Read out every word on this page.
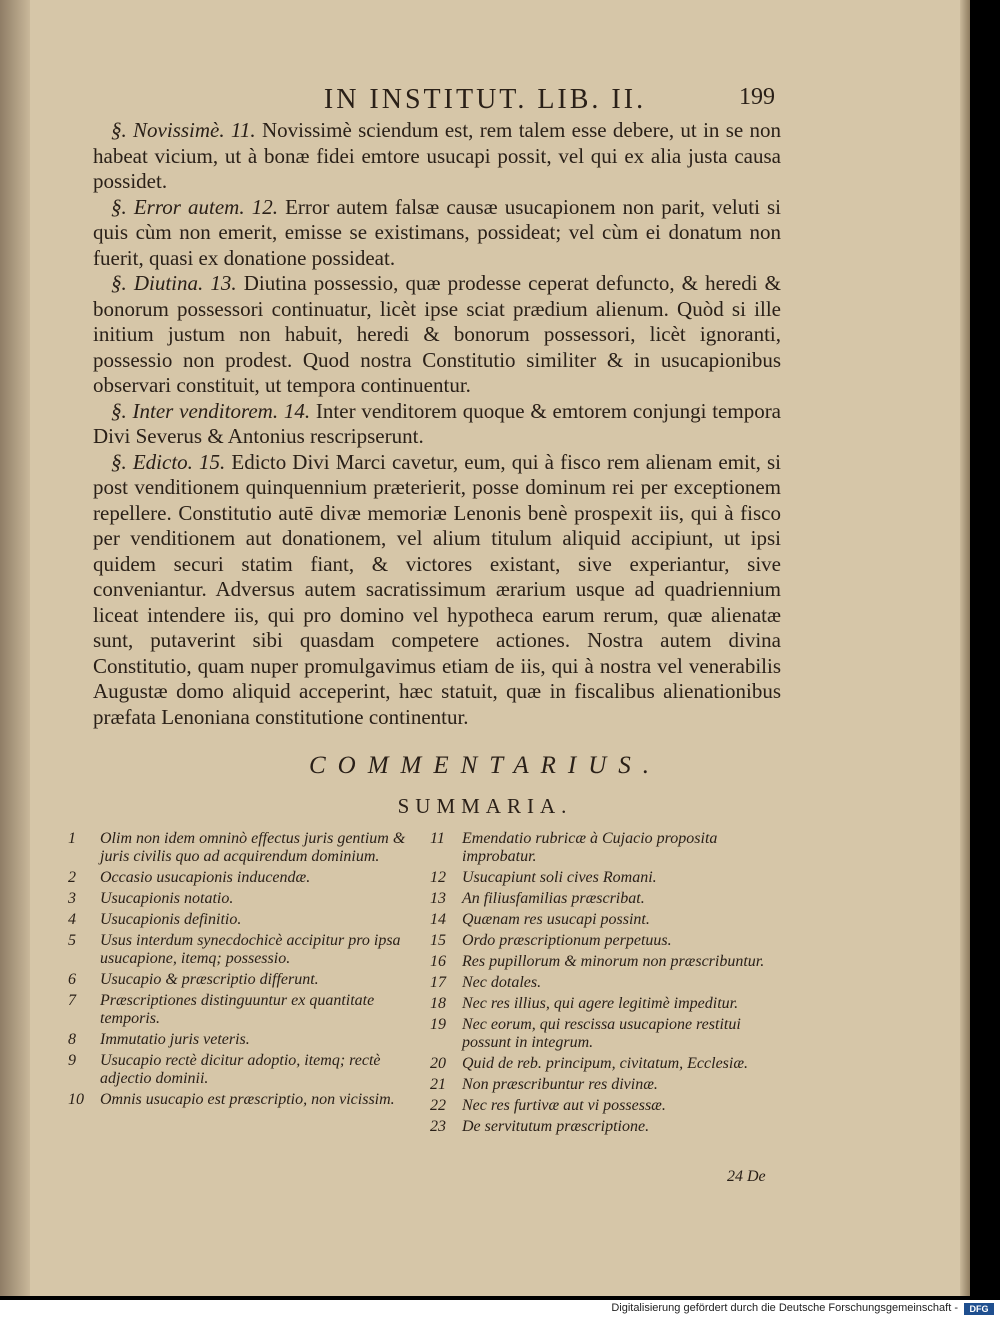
IN INSTITUT. LIB. II.	199

§. Novissimè. 11. Novissimè sciendum est, rem talem esse debere, ut in se non habeat vicium, ut à bonæ fidei emtore usucapi possit, vel qui ex alia justa causa possidet.

§. Error autem. 12. Error autem falsæ causæ usucapionem non parit, veluti si quis cùm non emerit, emisse se existimans, possideat; vel cùm ei donatum non fuerit, quasi ex donatione possideat.

§. Diutina. 13. Diutina possessio, quæ prodesse ceperat defuncto, & heredi & bonorum possessori continuatur, licèt ipse sciat prædium alienum. Quòd si ille initium justum non habuit, heredi & bonorum possessori, licèt ignoranti, possessio non prodest. Quod nostra Constitutio similiter & in usucapionibus observari constituit, ut tempora continuentur.

§. Inter venditorem. 14. Inter venditorem quoque & emtorem conjungi tempora Divi Severus & Antonius rescripserunt.

§. Edicto. 15. Edicto Divi Marci cavetur, eum, qui à fisco rem alienam emit, si post venditionem quinquennium præterierit, posse dominum rei per exceptionem repellere. Constitutio autē divæ memoriæ Lenonis benè prospexit iis, qui à fisco per venditionem aut donationem, vel alium titulum aliquid accipiunt, ut ipsi quidem securi statim fiant, & victores existant, sive experiantur, sive conveniantur. Adversus autem sacratissimum ærarium usque ad quadriennium liceat intendere iis, qui pro domino vel hypotheca earum rerum, quæ alienatæ sunt, putaverint sibi quasdam competere actiones. Nostra autem divina Constitutio, quam nuper promulgavimus etiam de iis, qui à nostra vel venerabilis Augustæ domo aliquid acceperint, hæc statuit, quæ in fiscalibus alienationibus præfata Lenoniana constitutione continentur.

COMMENTARIUS.
SUMMARIA.
1	Olim non idem omninò effectus juris gentium & juris civilis quo ad acquirendum dominium.
2	Occasio usucapionis inducendæ.
3	Usucapionis notatio.
4	Usucapionis definitio.
5	Usus interdum synecdochicè accipitur pro ipsa usucapione, itemq; possessio.
6	Usucapio & præscriptio differunt.
7	Præscriptiones distinguuntur ex quantitate temporis.
8	Immutatio juris veteris.
9	Usucapio rectè dicitur adoptio, itemq; rectè adjectio dominii.
10	Omnis usucapio est præscriptio, non vicissim.
11	Emendatio rubricæ à Cujacio proposita improbatur.
12	Usucapiunt soli cives Romani.
13	An filiusfamilias præscribat.
14	Quænam res usucapi possint.
15	Ordo præscriptionum perpetuus.
16	Res pupillorum & minorum non præscribuntur.
17	Nec dotales.
18	Nec res illius, qui agere legitimè impeditur.
19	Nec eorum, qui rescissa usucapione restitui possunt in integrum.
20	Quid de reb. principum, civitatum, Ecclesiæ.
21	Non præscribuntur res divinæ.
22	Nec res furtivæ aut vi possessæ.
23	De servitutum præscriptione.
24 De
Digitalisierung gefördert durch die Deutsche Forschungsgemeinschaft -	DFG
